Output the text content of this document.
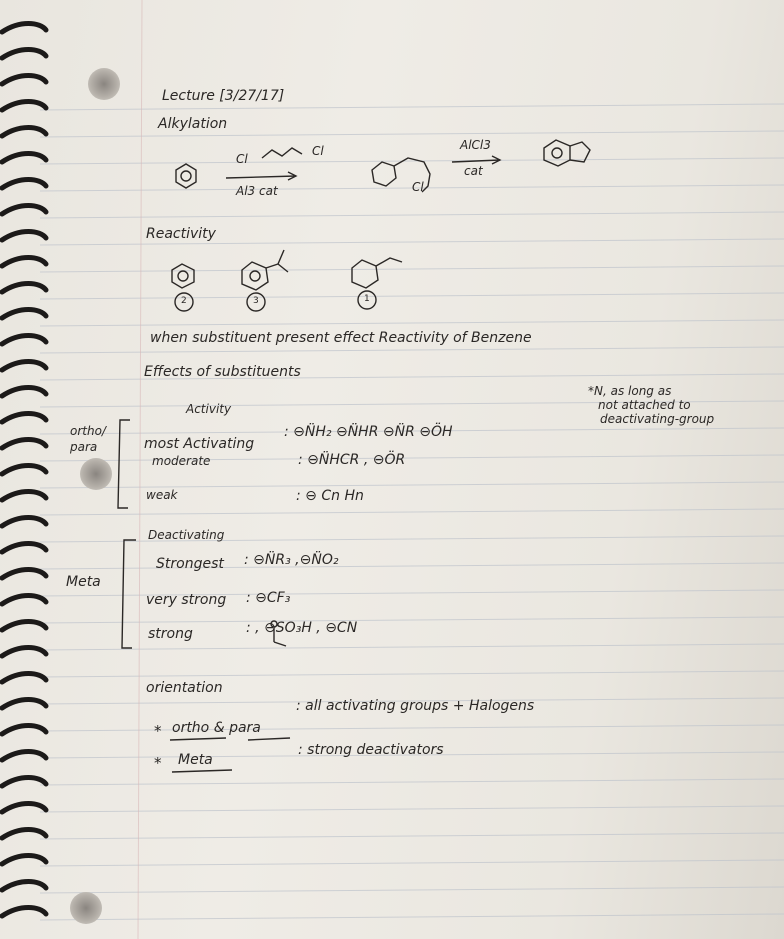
Lecture [3/27/17]
Alkylation
Cl
Cl
Al3 cat	Cl
AlCl3
cat
Reactivity
2	3	1
when substituent present effect Reactivity of Benzene
Effects of substituents
Activity
*N, as long as
not attached to
deactivating-group
ortho/
para	most Activating
: ⊖N̈H₂ ⊖N̈HR ⊖N̈R ⊖ÖH
moderate	: ⊖N̈HCR , ⊖ÖR
weak	: ⊖ Cn Hn
Deactivating
Meta
Strongest : ⊖N̈R₃ ,⊖N̈O₂
very strong : ⊖CF₃
strong	: , ⊖SO₃H , ⊖CN
orientation
* ortho & para
: all activating groups + Halogens
* Meta
: strong deactivators
